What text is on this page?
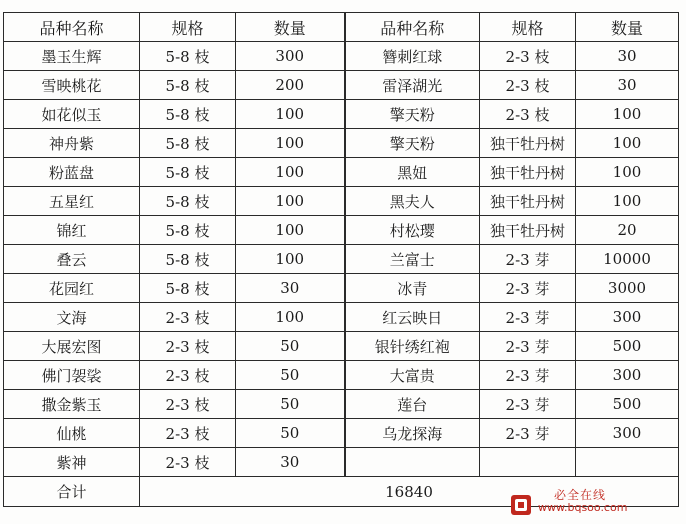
品种名称	规格	数量	品种名称	规格	数量
墨玉生辉	5-8 枝	300	簪刺红球	2-3 枝	30
雪映桃花	5-8 枝	200	雷泽湖光	2-3 枝	30
如花似玉	5-8 枝	100	擎天粉	2-3 枝	100
神舟紫	5-8 枝	100	擎天粉	独干牡丹树	100
粉蓝盘	5-8 枝	100	黑妞	独干牡丹树	100
五星红	5-8 枝	100	黑夫人	独干牡丹树	100
锦红	5-8 枝	100	村松璎	独干牡丹树	20
叠云	5-8 枝	100	兰富士	2-3 芽	10000
花园红	5-8 枝	30	冰青	2-3 芽	3000
文海	2-3 枝	100	红云映日	2-3 芽	300
大展宏图	2-3 枝	50	银针绣红袍	2-3 芽	500
佛门袈裟	2-3 枝	50	大富贵	2-3 芽	300
撒金紫玉	2-3 枝	50	莲台	2-3 芽	500
仙桃	2-3 枝	50	乌龙探海	2-3 芽	300
紫神	2-3 枝	30			
合计	16840					必全在线
www.bqsoo.com
